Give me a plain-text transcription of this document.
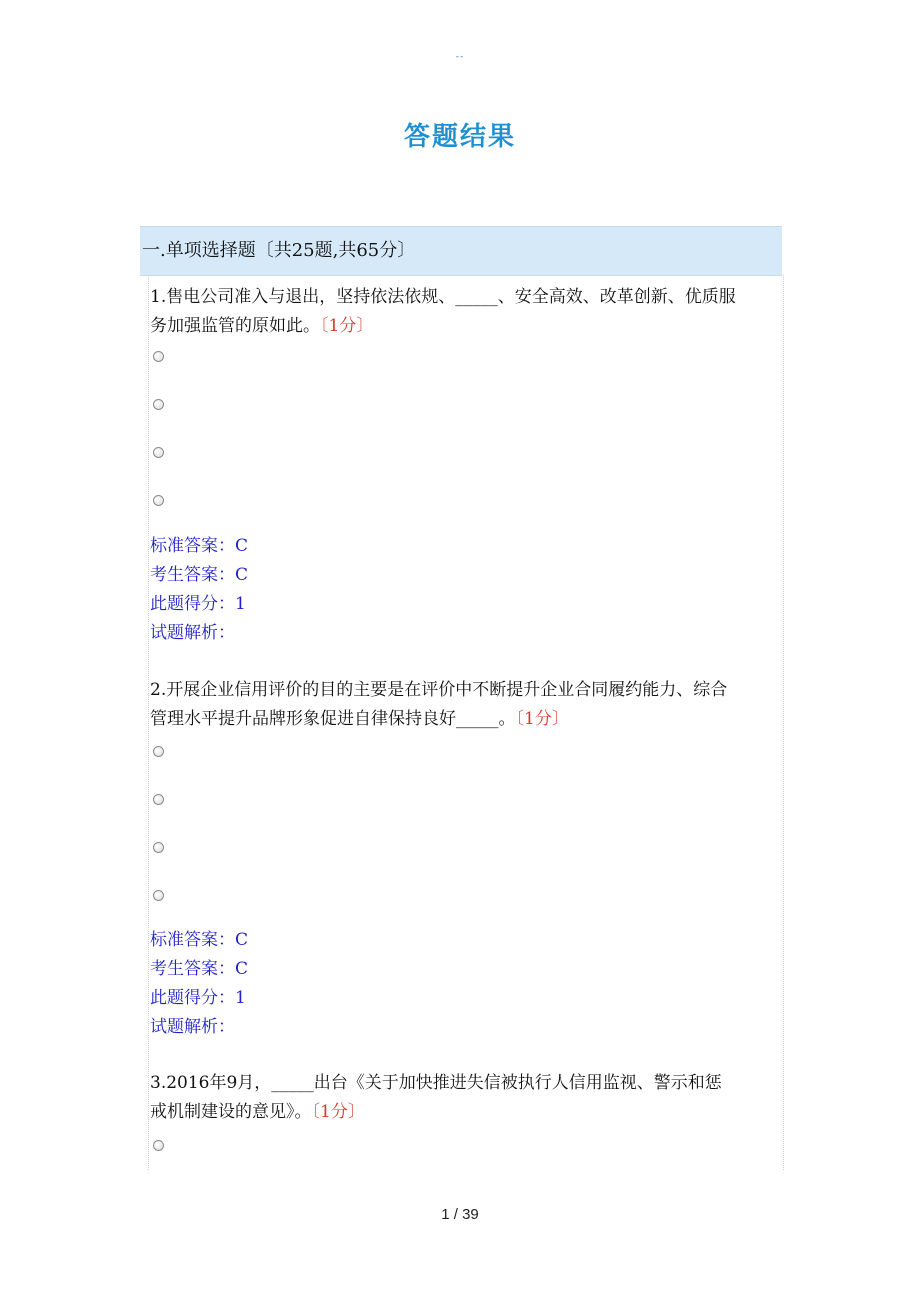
--
答题结果
一.单项选择题〔共25题,共65分〕
1.售电公司准入与退出，坚持依法依规、_____、安全高效、改革创新、优质服
务加强监管的原如此。〔1分〕
标准答案：C
考生答案：C
此题得分：1
试题解析：
2.开展企业信用评价的目的主要是在评价中不断提升企业合同履约能力、综合
管理水平提升品牌形象促进自律保持良好_____。〔1分〕
标准答案：C
考生答案：C
此题得分：1
试题解析：
3.2016年9月，_____出台《关于加快推进失信被执行人信用监视、警示和惩
戒机制建设的意见》。〔1分〕
1 / 39
